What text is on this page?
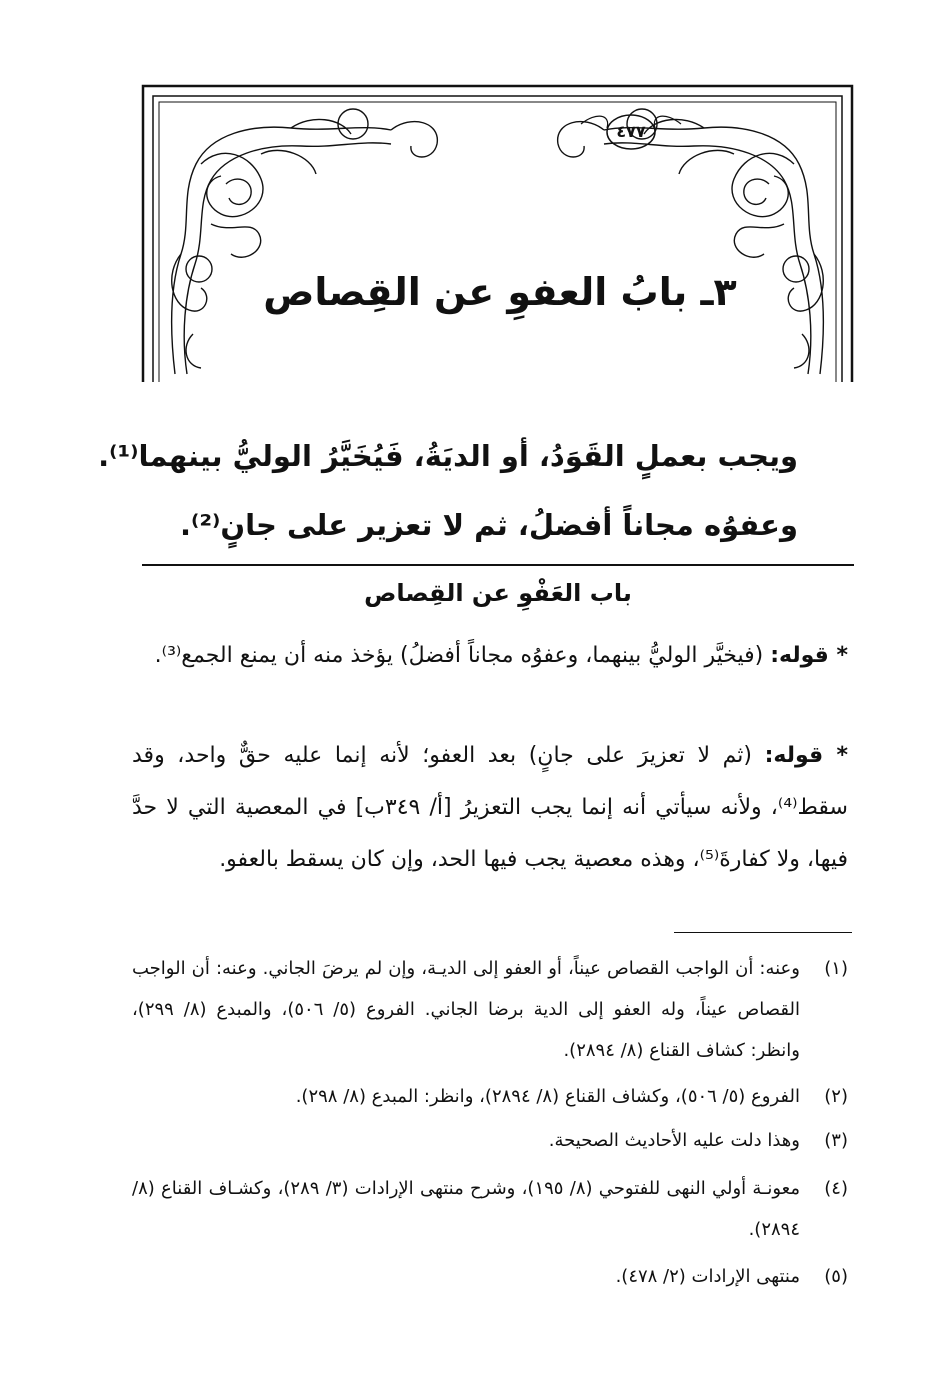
٤٧٧
٣ـ بابُ العفوِ عن القِصاص
ويجب بعملٍ القَوَدُ، أو الديَةُ، فَيُخَيَّرُ الوليُّ بينهما⁽¹⁾.
وعفوُه مجاناً أفضلُ، ثم لا تعزير على جانٍ⁽²⁾.
باب العَفْوِ عن القِصاص
* قوله: (فيخيَّر الوليُّ بينهما، وعفوُه مجاناً أفضلُ) يؤخذ منه أن يمنع الجمع⁽³⁾.
* قوله: (ثم لا تعزيرَ على جانٍ) بعد العفو؛ لأنه إنما عليه حقٌّ واحد، وقد سقط⁽⁴⁾، ولأنه سيأتي أنه إنما يجب التعزيرُ [أ/ ٣٤٩ب] في المعصية التي لا حدَّ فيها، ولا كفارةَ⁽⁵⁾، وهذه معصية يجب فيها الحد، وإن كان يسقط بالعفو.
(١)
وعنه: أن الواجب القصاص عيناً، أو العفو إلى الديـة، وإن لم يرضَ الجاني. وعنه: أن الواجب القصاص عيناً، وله العفو إلى الدية برضا الجاني. الفروع (٥/ ٥٠٦)، والمبدع (٨/ ٢٩٩)، وانظر: كشاف القناع (٨/ ٢٨٩٤).
(٢)
الفروع (٥/ ٥٠٦)، وكشاف القناع (٨/ ٢٨٩٤)، وانظر: المبدع (٨/ ٢٩٨).
(٣)
وهذا دلت عليه الأحاديث الصحيحة.
(٤)
معونـة أولي النهى للفتوحي (٨/ ١٩٥)، وشرح منتهى الإرادات (٣/ ٢٨٩)، وكشـاف القناع (٨/ ٢٨٩٤).
(٥)
منتهى الإرادات (٢/ ٤٧٨).
